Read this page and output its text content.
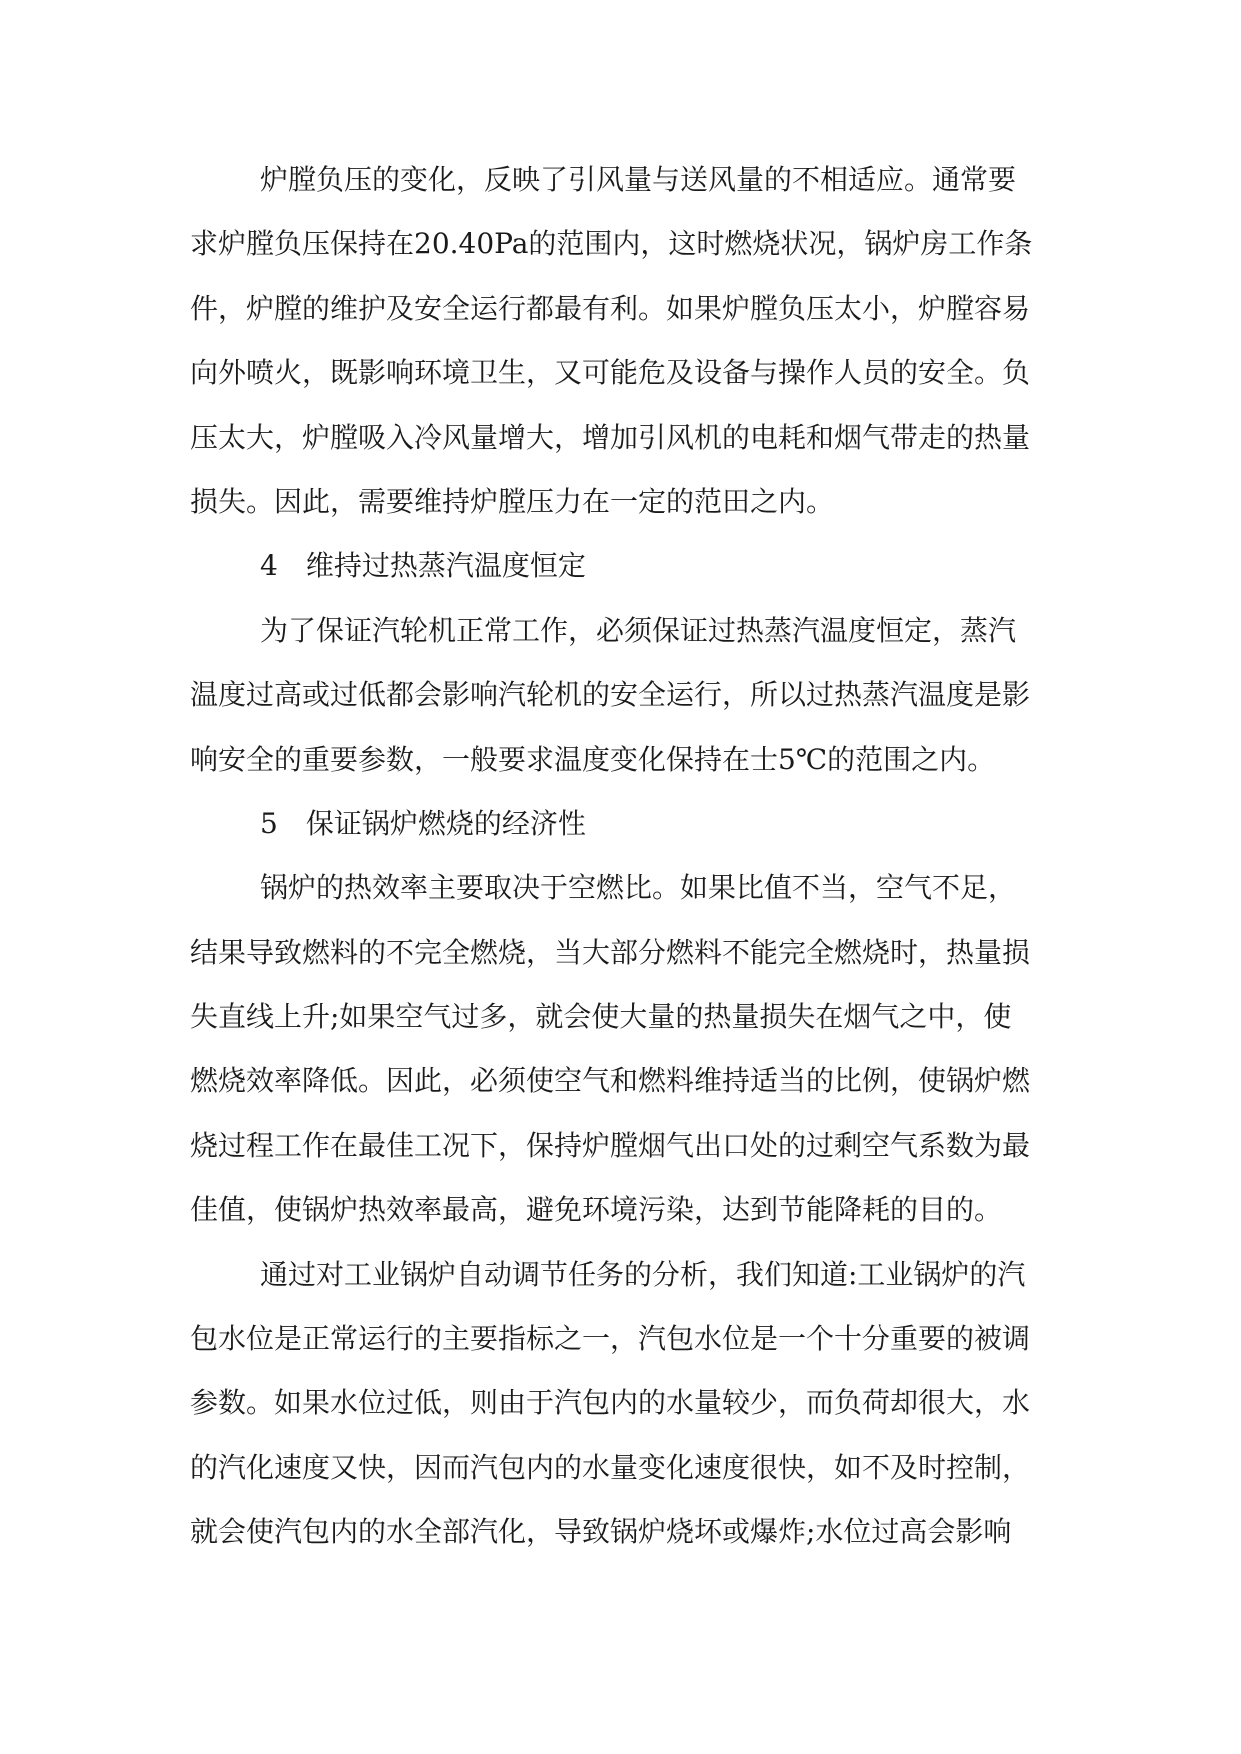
炉膛负压的变化，反映了引风量与送风量的不相适应。通常要
求炉膛负压保持在20.40Pa的范围内，这时燃烧状况，锅炉房工作条
件，炉膛的维护及安全运行都最有利。如果炉膛负压太小，炉膛容易
向外喷火，既影响环境卫生，又可能危及设备与操作人员的安全。负
压太大，炉膛吸入冷风量增大，增加引风机的电耗和烟气带走的热量
损失。因此，需要维持炉膛压力在一定的范田之内。
4　维持过热蒸汽温度恒定
为了保证汽轮机正常工作，必须保证过热蒸汽温度恒定，蒸汽
温度过高或过低都会影响汽轮机的安全运行，所以过热蒸汽温度是影
响安全的重要参数，一般要求温度变化保持在士5℃的范围之内。
5　保证锅炉燃烧的经济性
锅炉的热效率主要取决于空燃比。如果比值不当，空气不足，
结果导致燃料的不完全燃烧，当大部分燃料不能完全燃烧时，热量损
失直线上升;如果空气过多，就会使大量的热量损失在烟气之中，使
燃烧效率降低。因此，必须使空气和燃料维持适当的比例，使锅炉燃
烧过程工作在最佳工况下，保持炉膛烟气出口处的过剩空气系数为最
佳值，使锅炉热效率最高，避免环境污染，达到节能降耗的目的。
通过对工业锅炉自动调节任务的分析，我们知道:工业锅炉的汽
包水位是正常运行的主要指标之一，汽包水位是一个十分重要的被调
参数。如果水位过低，则由于汽包内的水量较少，而负荷却很大，水
的汽化速度又快，因而汽包内的水量变化速度很快，如不及时控制，
就会使汽包内的水全部汽化，导致锅炉烧坏或爆炸;水位过高会影响
